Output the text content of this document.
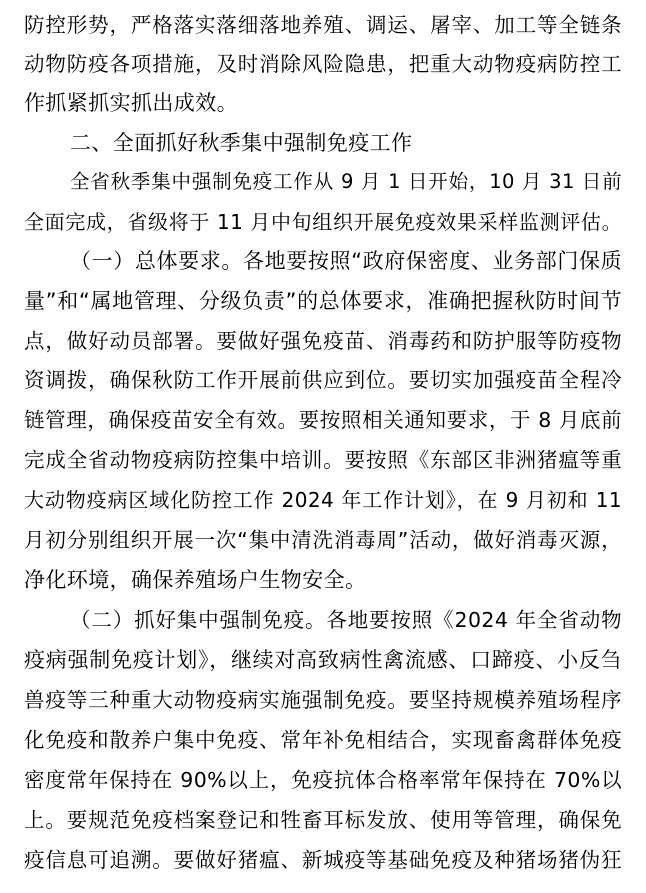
防控形势，严格落实落细落地养殖、调运、屠宰、加工等全链条
动物防疫各项措施，及时消除风险隐患，把重大动物疫病防控工
作抓紧抓实抓出成效。
二、全面抓好秋季集中强制免疫工作
全省秋季集中强制免疫工作从 9 月 1 日开始，10 月 31 日前
全面完成，省级将于 11 月中旬组织开展免疫效果采样监测评估。
（一）总体要求。各地要按照“政府保密度、业务部门保质
量”和“属地管理、分级负责”的总体要求，准确把握秋防时间节
点，做好动员部署。要做好强免疫苗、消毒药和防护服等防疫物
资调拨，确保秋防工作开展前供应到位。要切实加强疫苗全程冷
链管理，确保疫苗安全有效。要按照相关通知要求，于 8 月底前
完成全省动物疫病防控集中培训。要按照《东部区非洲猪瘟等重
大动物疫病区域化防控工作 2024 年工作计划》，在 9 月初和 11
月初分别组织开展一次“集中清洗消毒周”活动，做好消毒灭源，
净化环境，确保养殖场户生物安全。
（二）抓好集中强制免疫。各地要按照《2024 年全省动物
疫病强制免疫计划》，继续对高致病性禽流感、口蹄疫、小反刍
兽疫等三种重大动物疫病实施强制免疫。要坚持规模养殖场程序
化免疫和散养户集中免疫、常年补免相结合，实现畜禽群体免疫
密度常年保持在 90%以上，免疫抗体合格率常年保持在 70%以
上。要规范免疫档案登记和牲畜耳标发放、使用等管理，确保免
疫信息可追溯。要做好猪瘟、新城疫等基础免疫及种猪场猪伪狂
